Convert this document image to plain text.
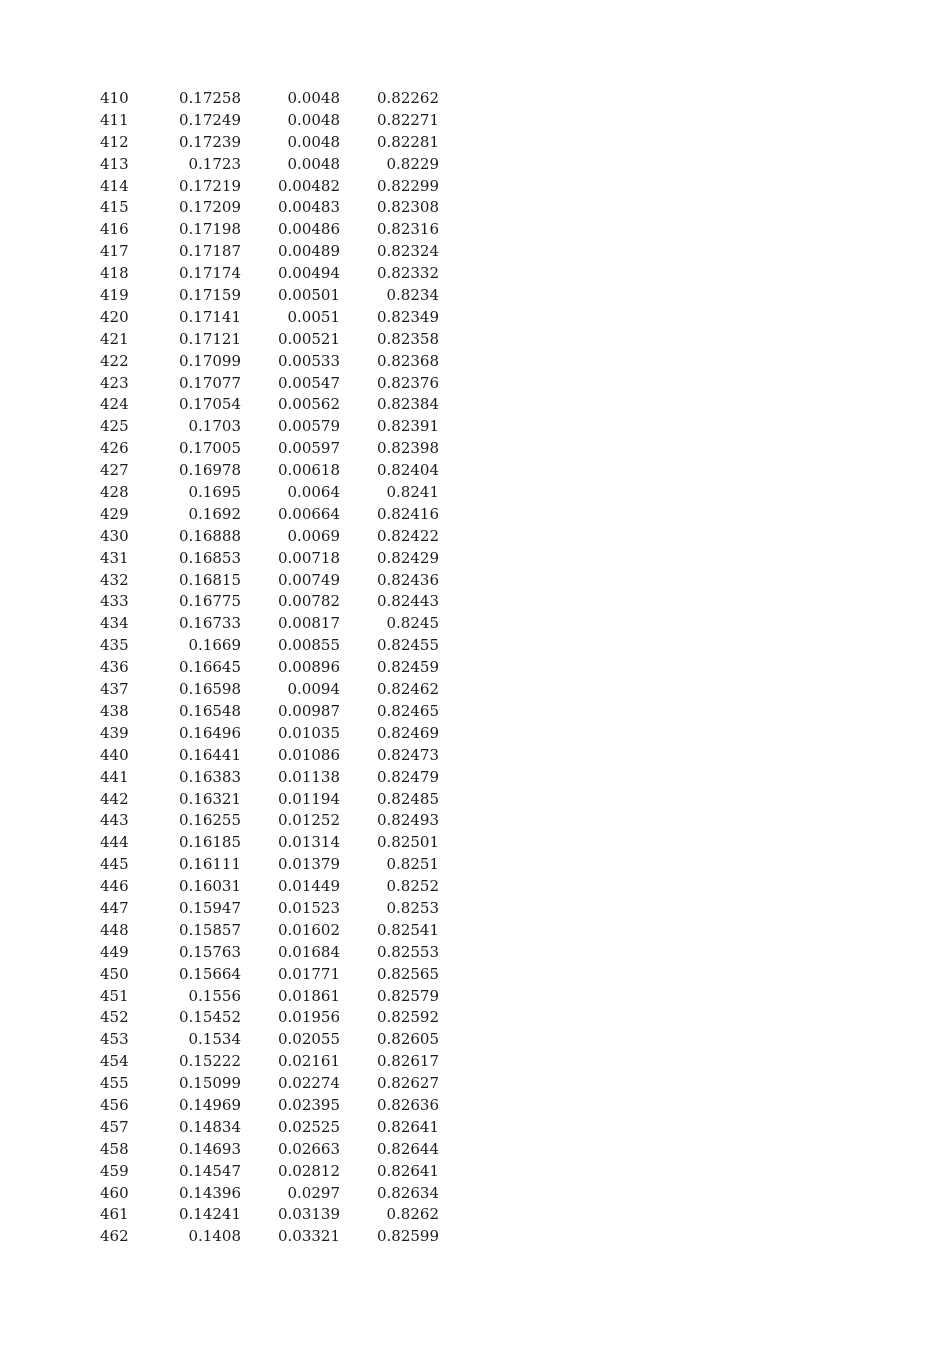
410	0.17258	0.0048	0.82262
411	0.17249	0.0048	0.82271
412	0.17239	0.0048	0.82281
413	0.1723	0.0048	0.8229
414	0.17219	0.00482	0.82299
415	0.17209	0.00483	0.82308
416	0.17198	0.00486	0.82316
417	0.17187	0.00489	0.82324
418	0.17174	0.00494	0.82332
419	0.17159	0.00501	0.8234
420	0.17141	0.0051	0.82349
421	0.17121	0.00521	0.82358
422	0.17099	0.00533	0.82368
423	0.17077	0.00547	0.82376
424	0.17054	0.00562	0.82384
425	0.1703	0.00579	0.82391
426	0.17005	0.00597	0.82398
427	0.16978	0.00618	0.82404
428	0.1695	0.0064	0.8241
429	0.1692	0.00664	0.82416
430	0.16888	0.0069	0.82422
431	0.16853	0.00718	0.82429
432	0.16815	0.00749	0.82436
433	0.16775	0.00782	0.82443
434	0.16733	0.00817	0.8245
435	0.1669	0.00855	0.82455
436	0.16645	0.00896	0.82459
437	0.16598	0.0094	0.82462
438	0.16548	0.00987	0.82465
439	0.16496	0.01035	0.82469
440	0.16441	0.01086	0.82473
441	0.16383	0.01138	0.82479
442	0.16321	0.01194	0.82485
443	0.16255	0.01252	0.82493
444	0.16185	0.01314	0.82501
445	0.16111	0.01379	0.8251
446	0.16031	0.01449	0.8252
447	0.15947	0.01523	0.8253
448	0.15857	0.01602	0.82541
449	0.15763	0.01684	0.82553
450	0.15664	0.01771	0.82565
451	0.1556	0.01861	0.82579
452	0.15452	0.01956	0.82592
453	0.1534	0.02055	0.82605
454	0.15222	0.02161	0.82617
455	0.15099	0.02274	0.82627
456	0.14969	0.02395	0.82636
457	0.14834	0.02525	0.82641
458	0.14693	0.02663	0.82644
459	0.14547	0.02812	0.82641
460	0.14396	0.0297	0.82634
461	0.14241	0.03139	0.8262
462	0.1408	0.03321	0.82599
